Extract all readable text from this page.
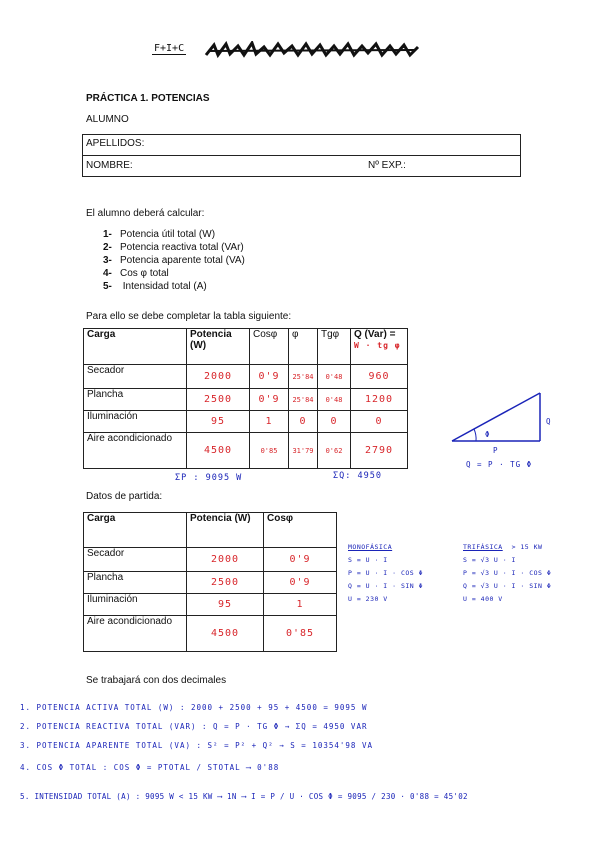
F+I+C
PRÁCTICA 1. POTENCIAS
ALUMNO
APELLIDOS:
NOMBRE:	Nº EXP.:
El alumno deberá calcular:
1- Potencia útil total (W)
2- Potencia reactiva total (VAr)
3- Potencia aparente total (VA)
4- Cos φ total
5- Intensidad total (A)
Para ello se debe completar la tabla siguiente:
Carga	Potencia (W)	Cosφ	φ	Tgφ	Q (Var) =
W · tg φ
Secador	2000	0'9	25'84	0'48	960
Plancha	2500	0'9	25'84	0'48	1200
Iluminación	95	1	0	0	0
Aire acondicionado	4500	0'85	31'79	0'62	2790
ΣP : 9095 W	ΣQ: 4950
Φ
Q
P
Q = P · TG Φ
Datos de partida:
Carga	Potencia (W)	Cosφ
Secador	2000	0'9
Plancha	2500	0'9
Iluminación	95	1
Aire acondicionado	4500	0'85
MONOFÁSICA
S = U · I
P = U · I · COS Φ
Q = U · I · SIN Φ
U = 230 V
TRIFÁSICA > 15 KW
S = √3 U · I
P = √3 U · I · COS Φ
Q = √3 U · I · SIN Φ
U = 400 V
Se trabajará con dos decimales
1. POTENCIA ACTIVA TOTAL (W) : 2000 + 2500 + 95 + 4500 = 9095 W
2. POTENCIA REACTIVA TOTAL (VAR) : Q = P · TG Φ → ΣQ = 4950 VAR
3. POTENCIA APARENTE TOTAL (VA) : S² = P² + Q² → S = 10354'98 VA
4. COS Φ TOTAL : COS Φ = PTOTAL / STOTAL ⟶ 0'88
5. INTENSIDAD TOTAL (A) : 9095 W < 15 KW ⟶ 1N ⟶ I = P / U · COS Φ = 9095 / 230 · 0'88 = 45'02
